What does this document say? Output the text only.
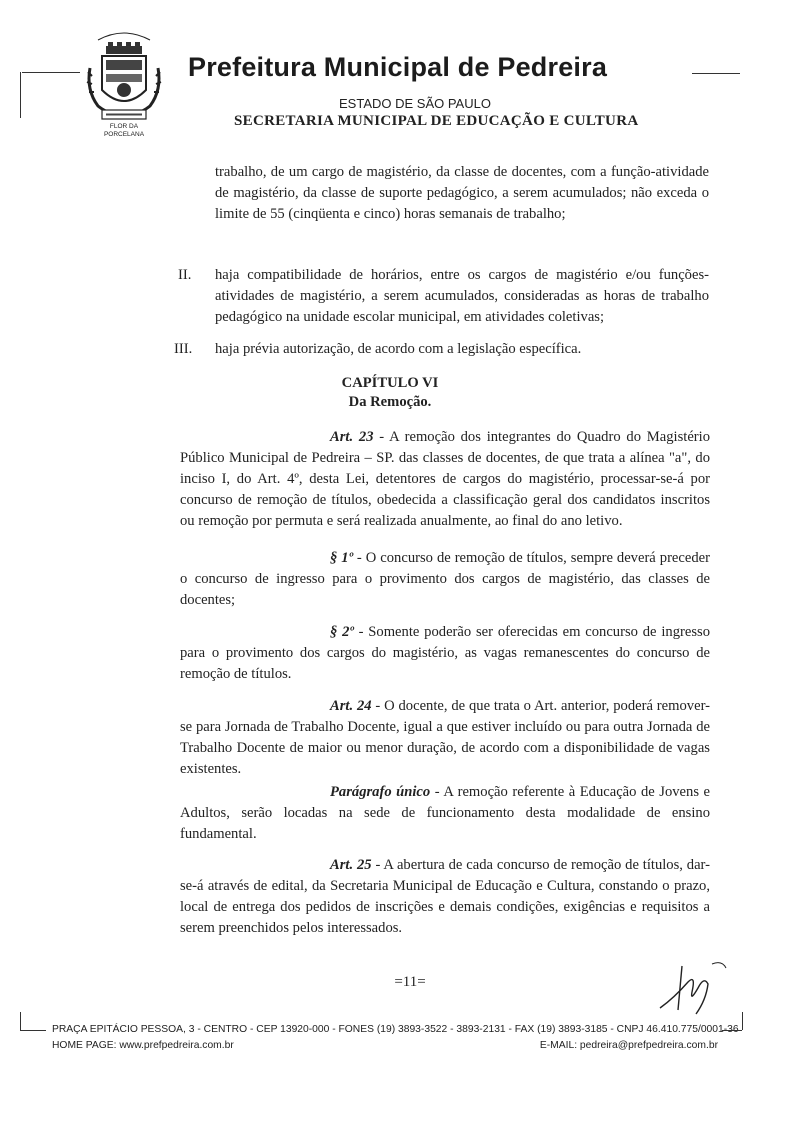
FLOR DA
PORCELANA
Prefeitura Municipal de Pedreira
ESTADO DE SÃO PAULO
SECRETARIA MUNICIPAL DE EDUCAÇÃO E CULTURA
trabalho, de um cargo de magistério, da classe de docentes, com a função-atividade de magistério, da classe de suporte pedagógico, a serem acumulados; não exceda o limite de 55 (cinqüenta e cinco) horas semanais de trabalho;
II. haja compatibilidade de horários, entre os cargos de magistério e/ou funções-atividades de magistério, a serem acumulados, consideradas as horas de trabalho pedagógico na unidade escolar municipal, em atividades coletivas;
III. haja prévia autorização, de acordo com a legislação específica.
CAPÍTULO VI
Da Remoção.
Art. 23 - A remoção dos integrantes do Quadro do Magistério Público Municipal de Pedreira – SP. das classes de docentes, de que trata a alínea "a", do inciso I, do Art. 4º, desta Lei, detentores de cargos do magistério, processar-se-á por concurso de remoção de títulos, obedecida a classificação geral dos candidatos inscritos ou remoção por permuta e será realizada anualmente, ao final do ano letivo.
§ 1º - O concurso de remoção de títulos, sempre deverá preceder o concurso de ingresso para o provimento dos cargos de magistério, das classes de docentes;
§ 2º - Somente poderão ser oferecidas em concurso de ingresso para o provimento dos cargos do magistério, as vagas remanescentes do concurso de remoção de títulos.
Art. 24 - O docente, de que trata o Art. anterior, poderá remover-se para Jornada de Trabalho Docente, igual a que estiver incluído ou para outra Jornada de Trabalho Docente de maior ou menor duração, de acordo com a disponibilidade de vagas existentes.
Parágrafo único - A remoção referente à Educação de Jovens e Adultos, serão locadas na sede de funcionamento desta modalidade de ensino fundamental.
Art. 25 - A abertura de cada concurso de remoção de títulos, dar-se-á através de edital, da Secretaria Municipal de Educação e Cultura, constando o prazo, local de entrega dos pedidos de inscrições e demais condições, exigências e requisitos a serem preenchidos pelos interessados.
=11=
PRAÇA EPITÁCIO PESSOA, 3 - CENTRO - CEP 13920-000 - FONES (19) 3893-3522 - 3893-2131 - FAX (19) 3893-3185 - CNPJ 46.410.775/0001-36
HOME PAGE: www.prefpedreira.com.br	E-MAIL: pedreira@prefpedreira.com.br
